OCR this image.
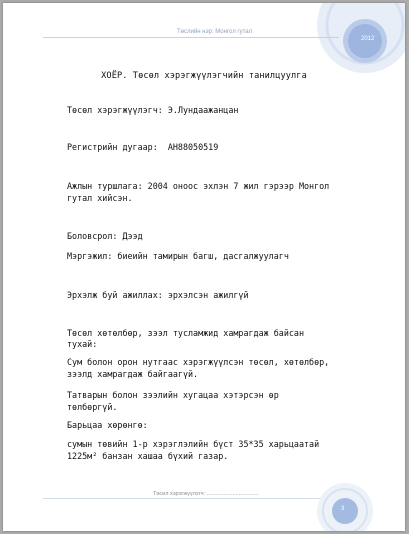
Төслийн нэр: Монгол гутал
2012
ХОЁР. Төсөл хэрэгжүүлэгчийн танилцуулга
Төсөл хэрэгжүүлэгч: Э.Лундаажанцан
Регистрийн дугаар:  АН88050519
Ажлын туршлага: 2004 оноос эхлэн 7 жил гэрээр Монгол
гутал хийсэн.
Боловсрол: Дээд
Мэргэжил: биеийн тамирын багш, дасгалжуулагч
Эрхэлж буй ажиллах: эрхэлсэн ажилгүй
Төсөл хөтөлбөр, зээл тусламжид хамрагдаж байсан
тухай:
Сум болон орон нутгаас хэрэгжүүлсэн төсөл, хөтөлбөр,
зээлд хамрагдаж байгаагүй.
Татварын болон зээлийн хугацаа хэтэрсэн өр
төлбөргүй.
Барьцаа хөрөнгө:
сумын төвийн 1-р хэрэглэлийн бүст 35*35 харьцаатай
1225м² банзан хашаа бүхий газар.
Төсөл хэрэгжүүлэгч: ..................................
3
